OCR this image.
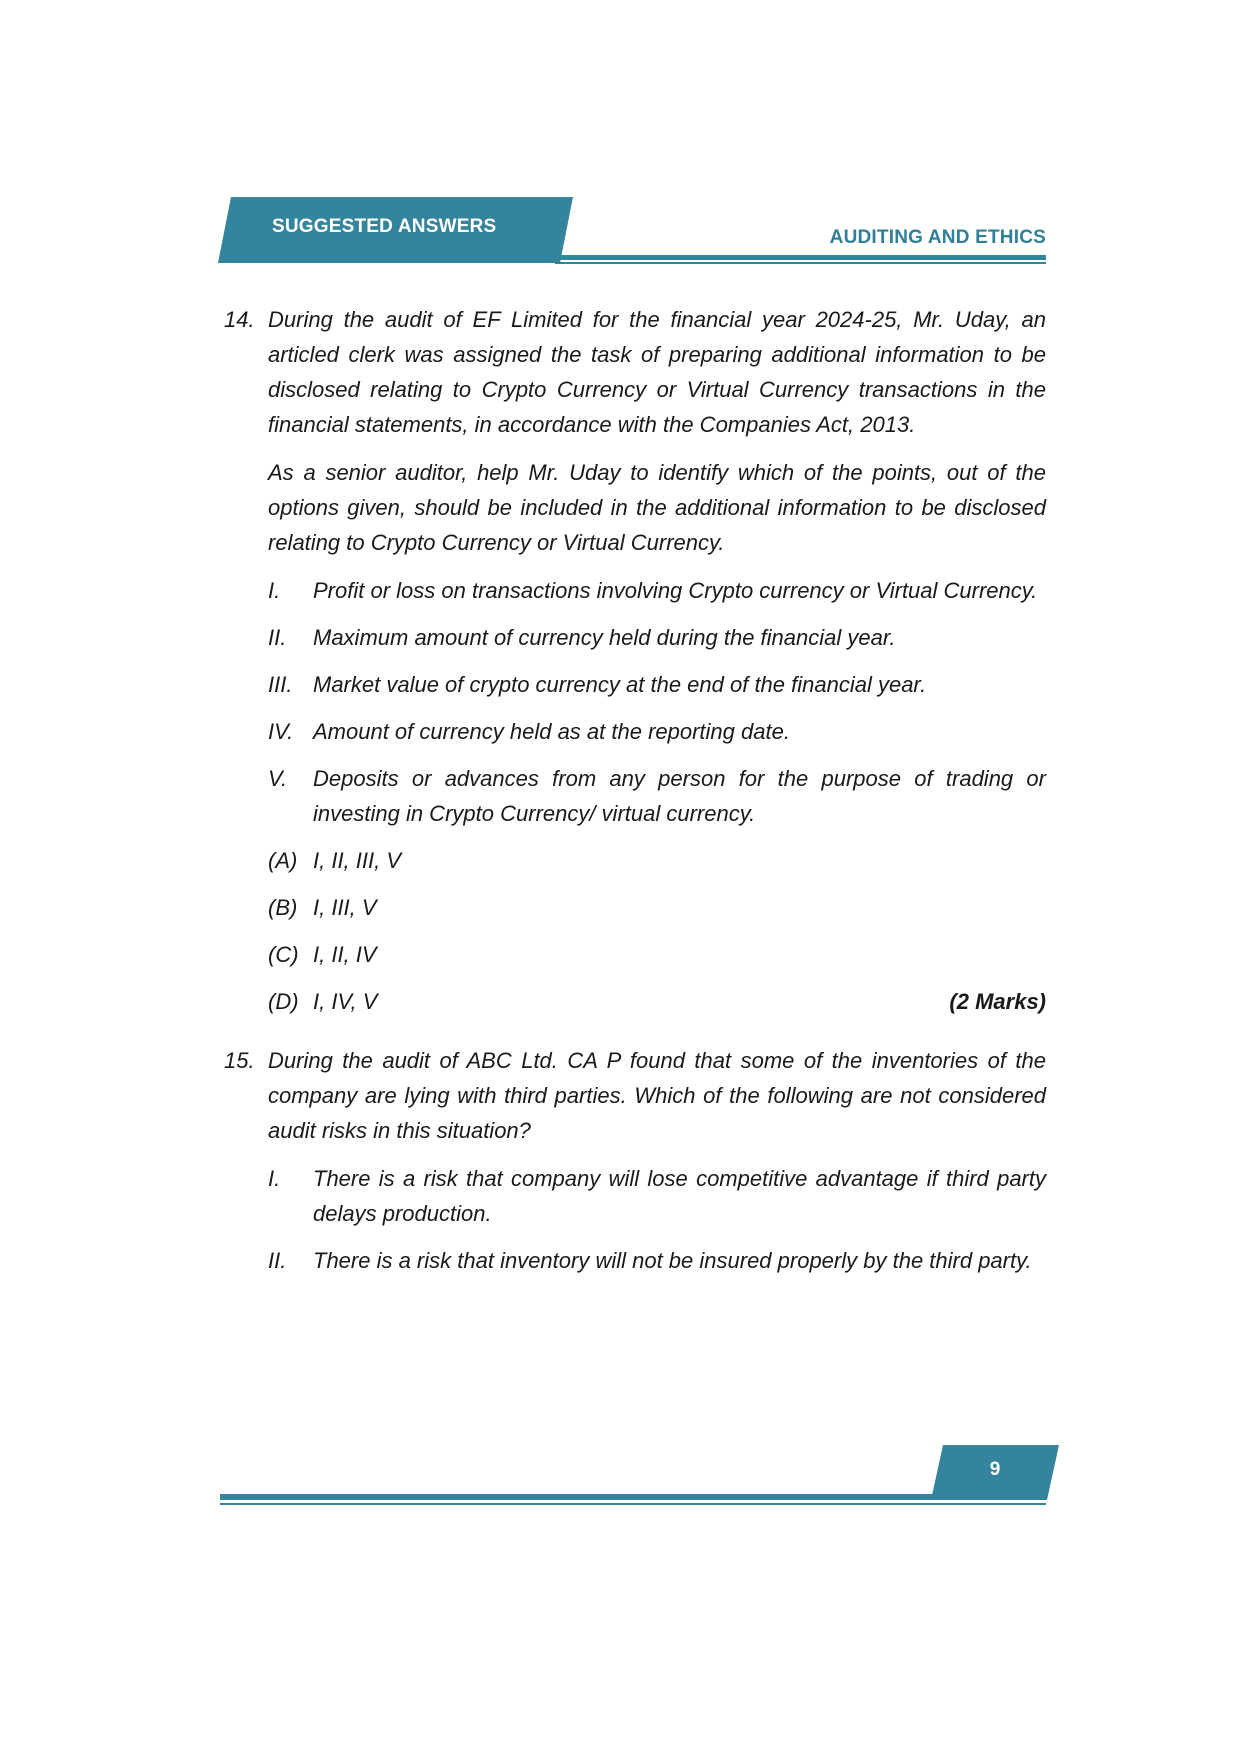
SUGGESTED ANSWERS
AUDITING AND ETHICS
14. During the audit of EF Limited for the financial year 2024-25, Mr. Uday, an articled clerk was assigned the task of preparing additional information to be disclosed relating to Crypto Currency or Virtual Currency transactions in the financial statements, in accordance with the Companies Act, 2013.

As a senior auditor, help Mr. Uday to identify which of the points, out of the options given, should be included in the additional information to be disclosed relating to Crypto Currency or Virtual Currency.

I.	Profit or loss on transactions involving Crypto currency or Virtual Currency.
II.	Maximum amount of currency held during the financial year.
III. Market value of crypto currency at the end of the financial year.
IV. Amount of currency held as at the reporting date.
V.	Deposits or advances from any person for the purpose of trading or investing in Crypto Currency/ virtual currency.
(A) I, II, III, V
(B) I, III, V
(C) I, II, IV
(D) I, IV, V	(2 Marks)
15. During the audit of ABC Ltd. CA P found that some of the inventories of the company are lying with third parties. Which of the following are not considered audit risks in this situation?

I.	There is a risk that company will lose competitive advantage if third party delays production.
II.	There is a risk that inventory will not be insured properly by the third party.
9
